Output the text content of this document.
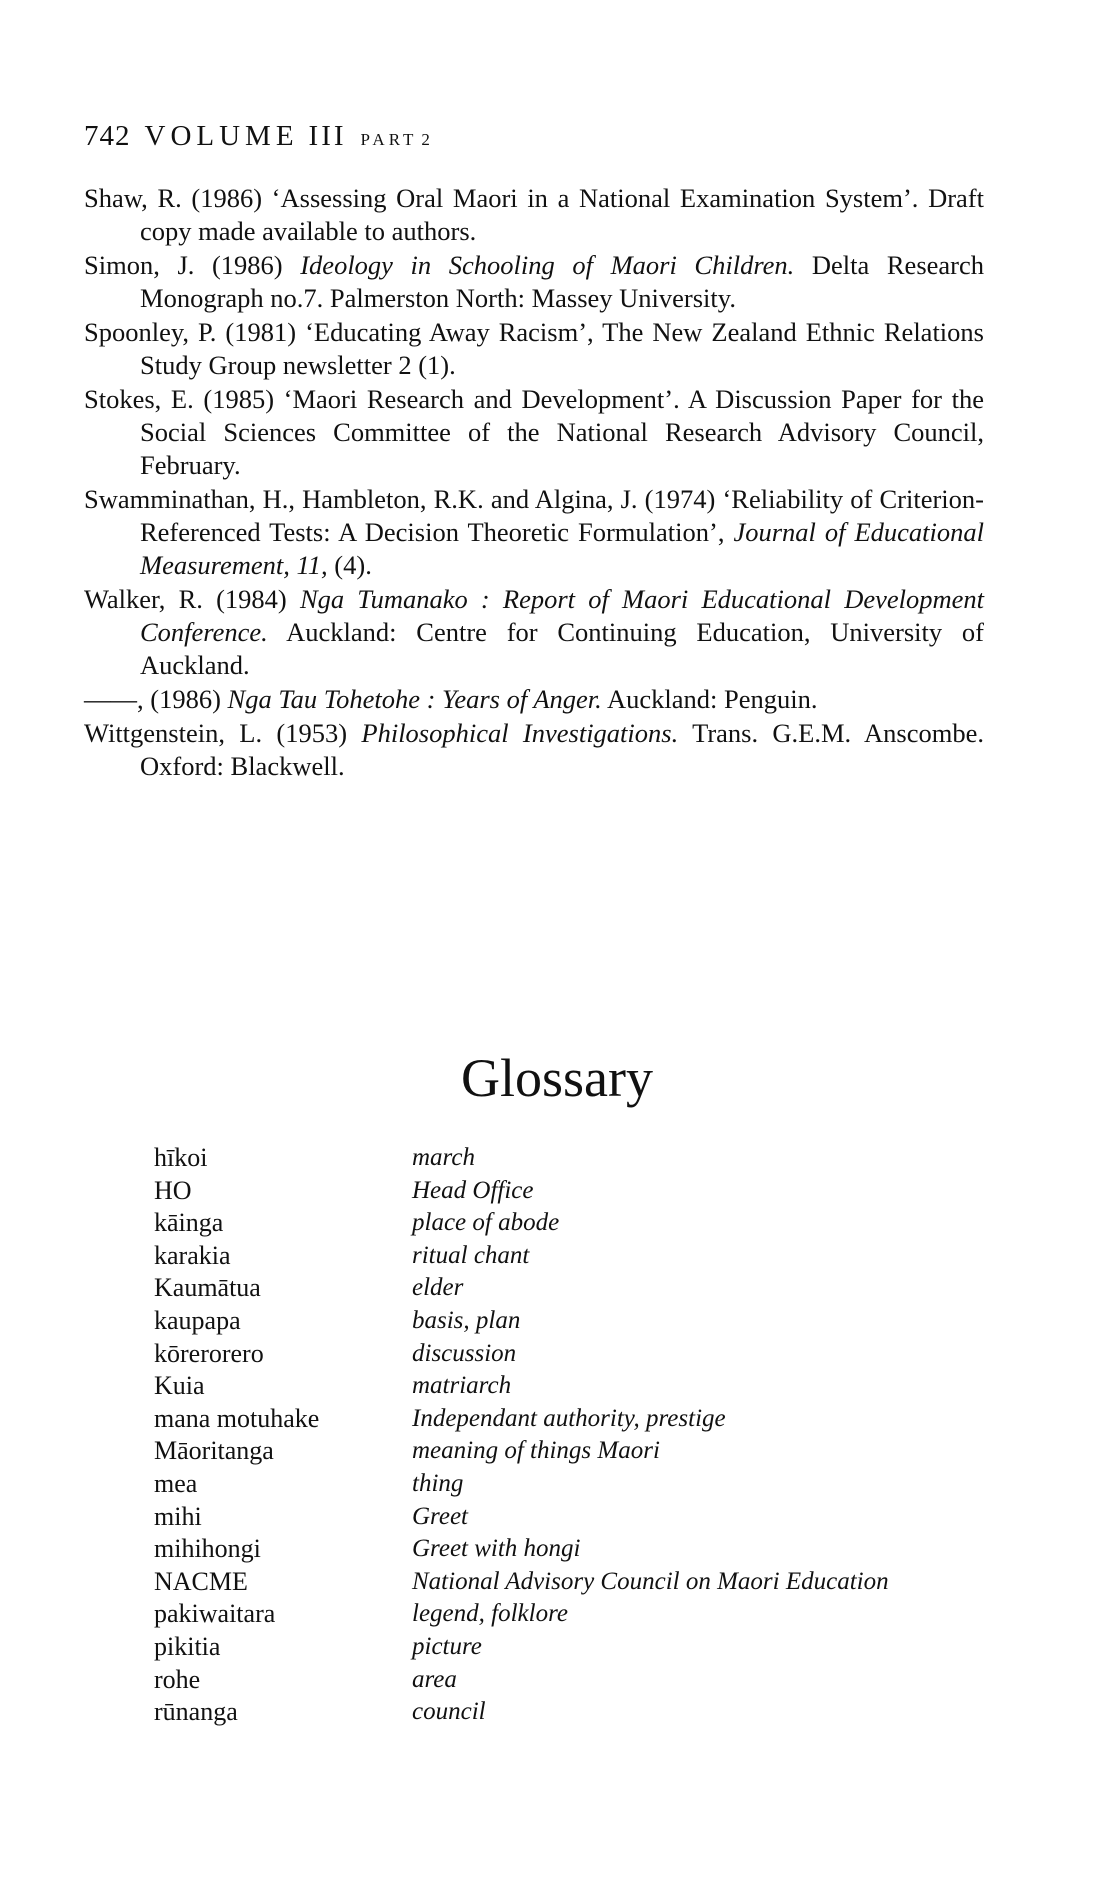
742 VOLUME III PART 2

Shaw, R. (1986) ‘Assessing Oral Maori in a National Examination System’. Draft copy made available to authors.

Simon, J. (1986) Ideology in Schooling of Maori Children. Delta Research Monograph no.7. Palmerston North: Massey University.

Spoonley, P. (1981) ‘Educating Away Racism’, The New Zealand Ethnic Relations Study Group newsletter 2 (1).

Stokes, E. (1985) ‘Maori Research and Development’. A Discussion Paper for the Social Sciences Committee of the National Research Advisory Council, February.

Swamminathan, H., Hambleton, R.K. and Algina, J. (1974) ‘Reliability of Criterion-Referenced Tests: A Decision Theoretic Formulation’, Journal of Educational Measurement, 11, (4).

Walker, R. (1984) Nga Tumanako : Report of Maori Educational Development Conference. Auckland: Centre for Continuing Education, University of Auckland.

——, (1986) Nga Tau Tohetohe : Years of Anger. Auckland: Penguin.

Wittgenstein, L. (1953) Philosophical Investigations. Trans. G.E.M. Anscombe. Oxford: Blackwell.

Glossary
hīkoi	march
HO	Head Office
kāinga	place of abode
karakia	ritual chant
Kaumātua	elder
kaupapa	basis, plan
kōrerorero	discussion
Kuia	matriarch
mana motuhake	Independant authority, prestige
Māoritanga	meaning of things Maori
mea	thing
mihi	Greet
mihihongi	Greet with hongi
NACME	National Advisory Council on Maori Education
pakiwaitara	legend, folklore
pikitia	picture
rohe	area
rūnanga	council
